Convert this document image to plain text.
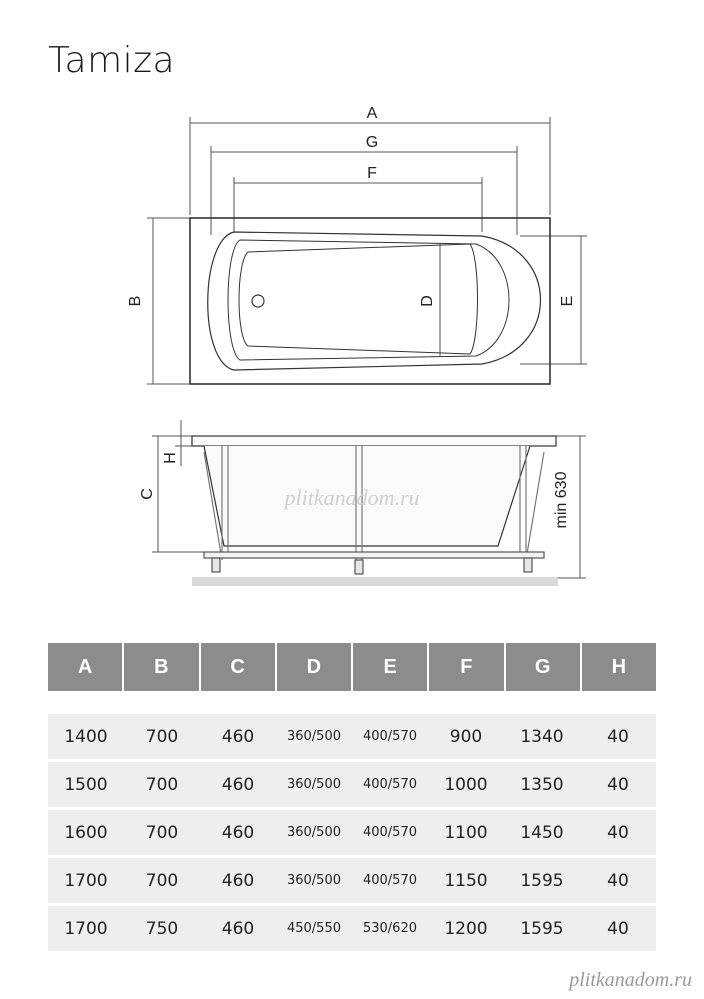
Tamiza
A
G
F
B	D	E
H
C	min 630
plitkanadom.ru
A	B	C	D	E	F	G	H
1400	700	460	360/500	400/570	900	1340	40
1500	700	460	360/500	400/570	1000	1350	40
1600	700	460	360/500	400/570	1100	1450	40
1700	700	460	360/500	400/570	1150	1595	40
1700	750	460	450/550	530/620	1200	1595	40
plitkanadom.ru
